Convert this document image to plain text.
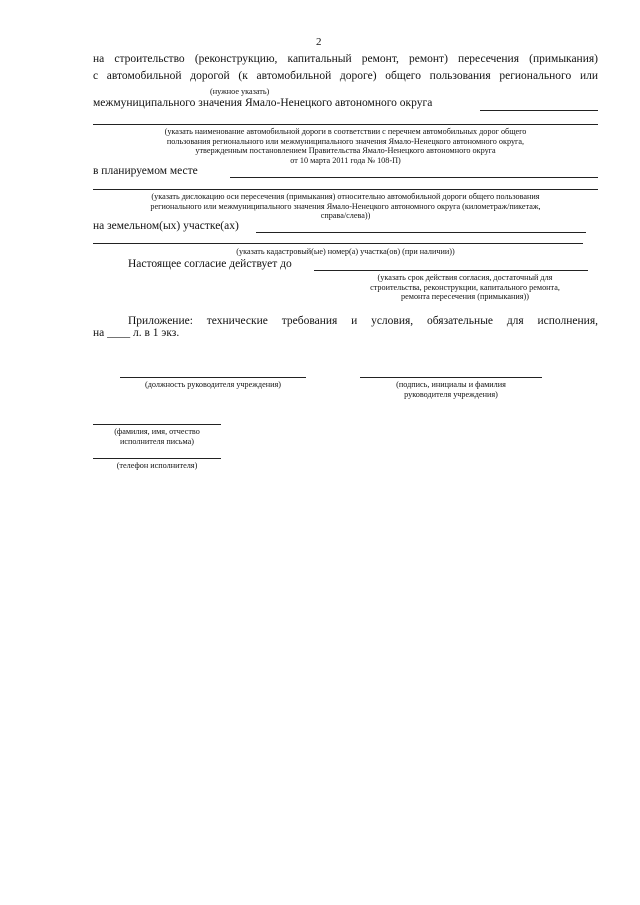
2
на строительство (реконструкцию, капитальный ремонт, ремонт) пересечения (примыкания)
с автомобильной дорогой (к автомобильной дороге) общего пользования регионального или
(нужное указать)
межмуниципального значения Ямало-Ненецкого автономного округа
(указать наименование автомобильной дороги в соответствии с перечнем автомобильных дорог общего
пользования регионального или межмуниципального значения Ямало-Ненецкого автономного округа,
утвержденным постановлением Правительства Ямало-Ненецкого автономного округа
от 10 марта 2011 года № 108-П)
в планируемом месте
(указать дислокацию оси пересечения (примыкания) относительно автомобильной дороги общего пользования
регионального или межмуниципального значения Ямало-Ненецкого автономного округа (километраж/пикетаж,
справа/слева))
на земельном(ых) участке(ах)
(указать кадастровый(ые) номер(а) участка(ов) (при наличии))
Настоящее согласие действует до
(указать срок действия согласия, достаточный для
строительства, реконструкции, капитального ремонта,
ремонта пересечения (примыкания))
Приложение: технические требования и условия, обязательные для исполнения,
на ____ л. в 1 экз.
(должность руководителя учреждения)	(подпись, инициалы и фамилия
руководителя учреждения)
(фамилия, имя, отчество
исполнителя письма)
(телефон исполнителя)
